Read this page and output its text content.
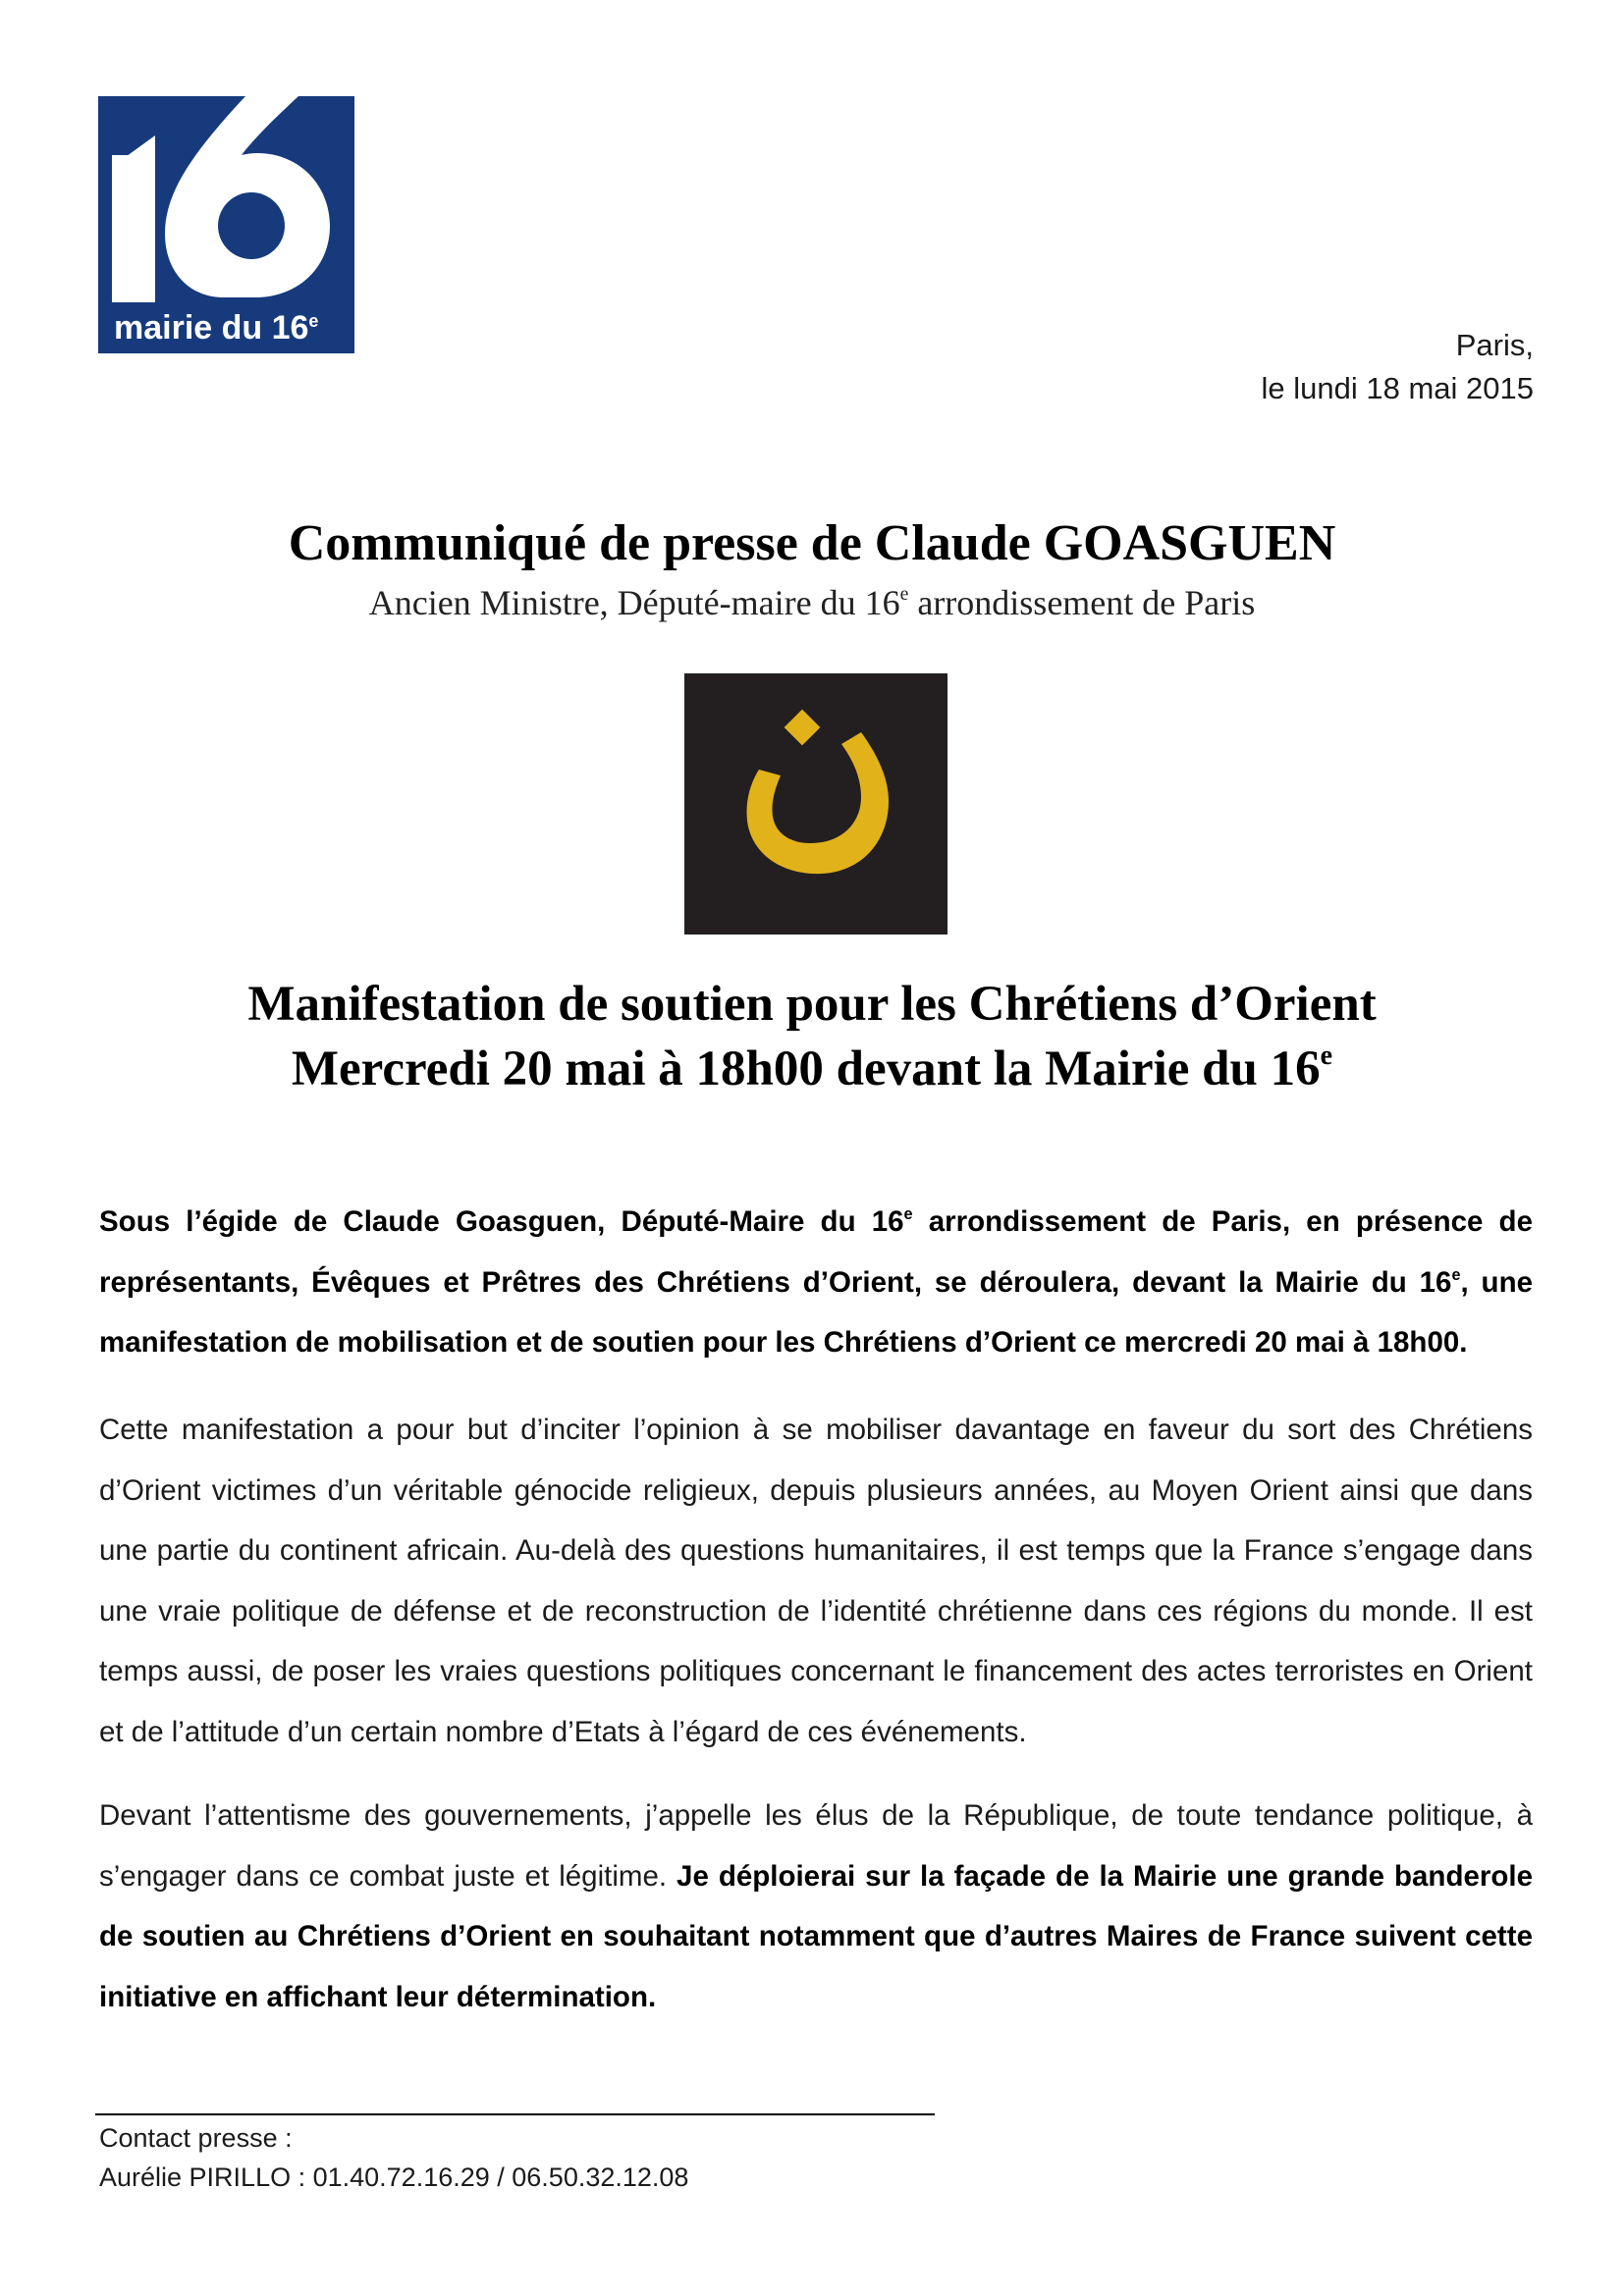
mairie du 16e
Paris,
le lundi 18 mai 2015
Communiqué de presse de Claude GOASGUEN
Ancien Ministre, Député-maire du 16e arrondissement de Paris
Manifestation de soutien pour les Chrétiens d’Orient
Mercredi 20 mai à 18h00 devant la Mairie du 16e

Sous l’égide de Claude Goasguen, Député-Maire du 16e arrondissement de Paris, en présence de représentants, Évêques et Prêtres des Chrétiens d’Orient, se déroulera, devant la Mairie du 16e, une manifestation de mobilisation et de soutien pour les Chrétiens d’Orient ce mercredi 20 mai à 18h00.

Cette manifestation a pour but d’inciter l’opinion à se mobiliser davantage en faveur du sort des Chrétiens d’Orient victimes d’un véritable génocide religieux, depuis plusieurs années, au Moyen Orient ainsi que dans une partie du continent africain. Au-delà des questions humanitaires, il est temps que la France s’engage dans une vraie politique de défense et de reconstruction de l’identité chrétienne dans ces régions du monde. Il est temps aussi, de poser les vraies questions politiques concernant le financement des actes terroristes en Orient et de l’attitude d’un certain nombre d’Etats à l’égard de ces événements.

Devant l’attentisme des gouvernements, j’appelle les élus de la République, de toute tendance politique, à s’engager dans ce combat juste et légitime. Je déploierai sur la façade de la Mairie une grande banderole de soutien au Chrétiens d’Orient en souhaitant notamment que d’autres Maires de France suivent cette initiative en affichant leur détermination.

Contact presse :
Aurélie PIRILLO : 01.40.72.16.29 / 06.50.32.12.08
